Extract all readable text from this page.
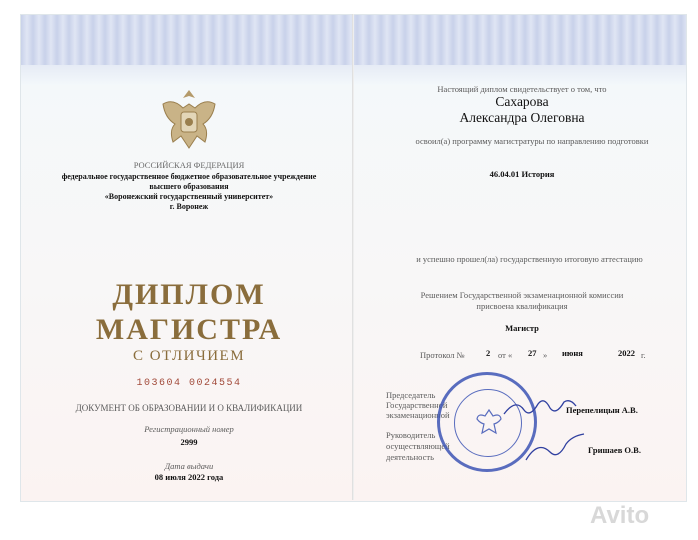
РОССИЙСКАЯ ФЕДЕРАЦИЯ
федеральное государственное бюджетное образовательное учреждение
высшего образования
«Воронежский государственный университет»
г. Воронеж
ДИПЛОМ
МАГИСТРА
С ОТЛИЧИЕМ
103604 0024554
ДОКУМЕНТ ОБ ОБРАЗОВАНИИ И О КВАЛИФИКАЦИИ
Регистрационный номер
2999
Дата выдачи
08 июля 2022 года
Настоящий диплом свидетельствует о том, что
Сахарова
Александра Олеговна
освоил(а) программу магистратуры по направлению подготовки
46.04.01 История
и успешно прошел(ла) государственную итоговую аттестацию
Решением Государственной экзаменационной комиссии
присвоена квалификация
Магистр
Протокол №	2 от « 27 » июня	2022 г.
Председатель
Государственной
экзаменационной	Перепелицын А.В.
Руководитель
осуществляющей
деятельность
Гришаев О.В.
Avito
